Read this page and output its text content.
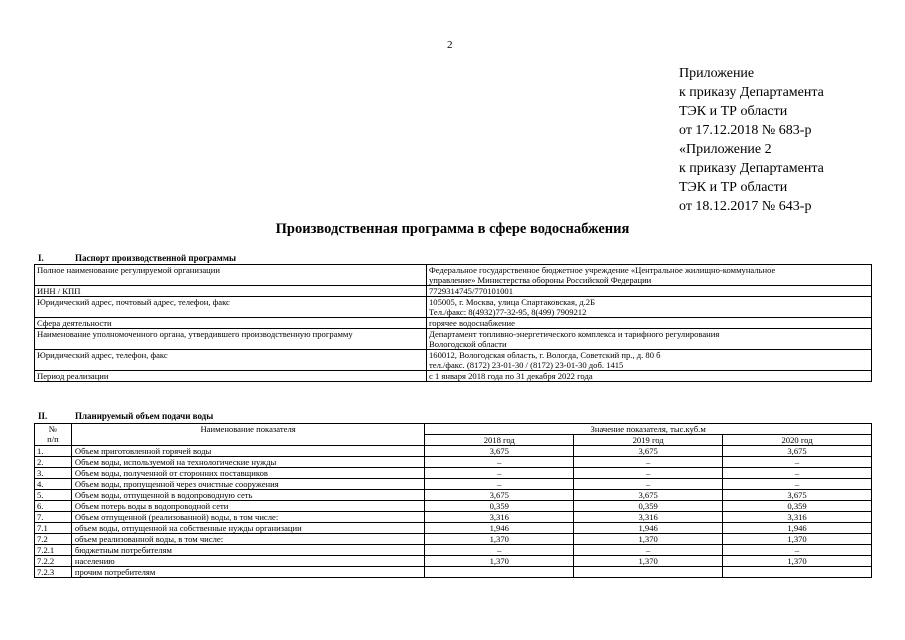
2
Приложение
к приказу Департамента
ТЭК и ТР области
от 17.12.2018 № 683-р
«Приложение 2
к приказу Департамента
ТЭК и ТР области
от 18.12.2017 № 643-р
Производственная программа в сфере водоснабжения
I.	Паспорт производственной программы
Полное наименование регулируемой организации	Федеральное государственное бюджетное учреждение «Центральное жилищно-коммунальное
управление» Министерства обороны Российской Федерации

ИНН / КПП	7729314745/770101001

Юридический адрес, почтовый адрес, телефон, факс	105005, г. Москва, улица Спартаковская, д.2Б
Тел./факс: 8(4932)77-32-95, 8(499) 7909212

Сфера деятельности	горячее водоснабжение

Наименование уполномоченного органа, утвердившего производственную программу	Департамент топливно-энергетического комплекса и тарифного регулирования
Вологодской области

Юридический адрес, телефон, факс	160012, Вологодская область, г. Вологда, Советский пр., д. 80 б
тел./факс. (8172) 23-01-30 / (8172) 23-01-30 доб. 1415

Период реализации	с 1 января 2018 года по 31 декабря 2022 года
II.	Планируемый объем подачи воды
№
п/п	Наименование показателя	Значение показателя, тыс.куб.м		
		2018 год	2019 год	2020 год
1.	Объем приготовленной горячей воды	3,675	3,675	3,675
2.	Объем воды, используемой на технологические нужды	–	–	–
3.	Объем воды, полученной от сторонних поставщиков	–	–	–
4.	Объем воды, пропущенной через очистные сооружения	–	–	–
5.	Объем воды, отпущенной в водопроводную сеть	3,675	3,675	3,675
6.	Объем потерь воды в водопроводной сети	0,359	0,359	0,359
7.	Объем отпущенной (реализованной) воды, в том числе:	3,316	3,316	3,316
7.1	объем воды, отпущенной на собственные нужды организации	1,946	1,946	1,946
7.2	объем реализованной воды, в том числе:	1,370	1,370	1,370
7.2.1	бюджетным потребителям	–	–	–
7.2.2	населению	1,370	1,370	1,370
7.2.3	прочим потребителям			
